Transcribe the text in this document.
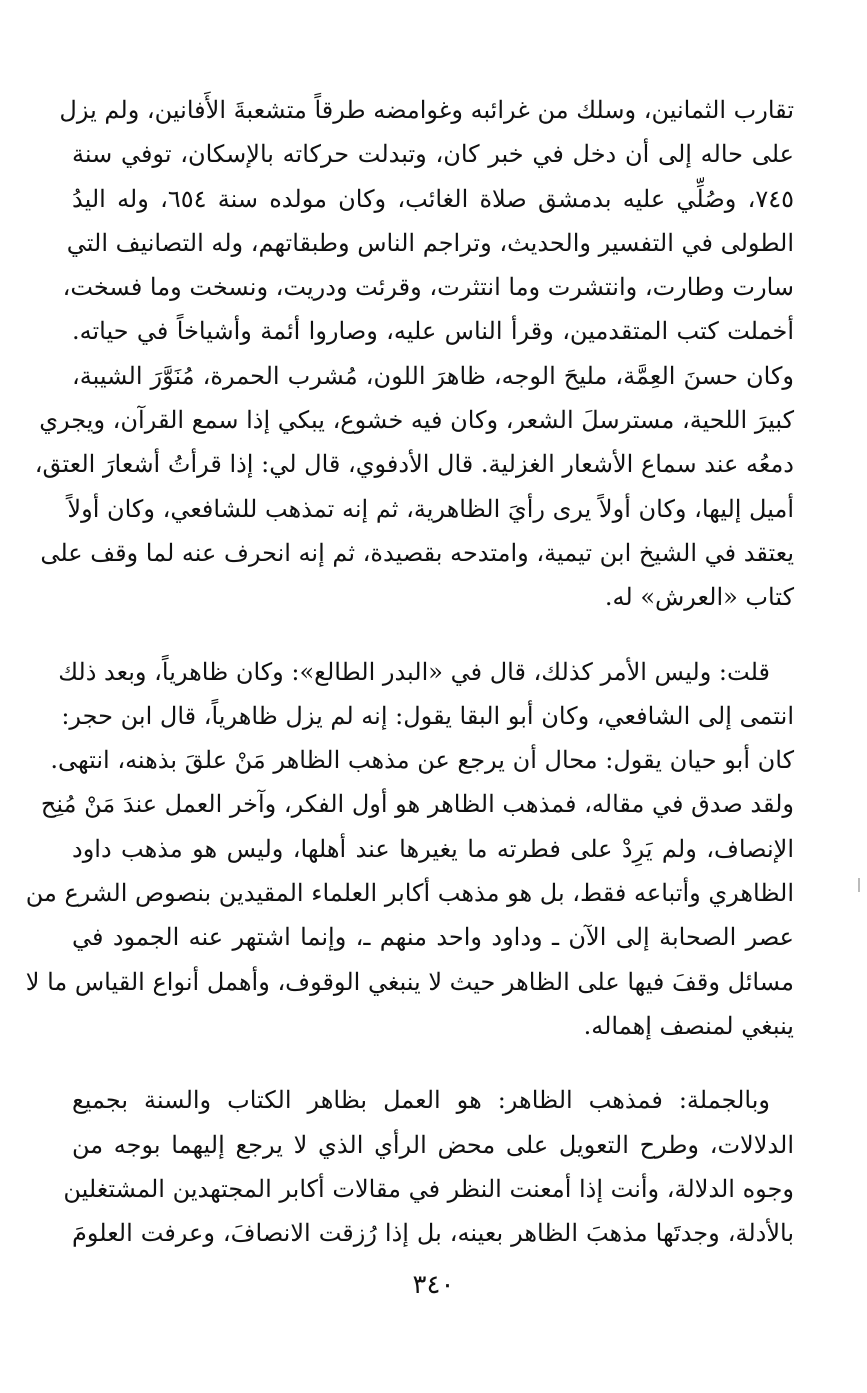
تقارب الثمانين، وسلك من غرائبه وغوامضه طرقاً متشعبةَ الأَفانين، ولم يزل
على حاله إلى أن دخل في خبر كان، وتبدلت حركاته بالإسكان، توفي سنة
٧٤٥، وصُلِّي عليه بدمشق صلاة الغائب، وكان مولده سنة ٦٥٤، وله اليدُ
الطولى في التفسير والحديث، وتراجم الناس وطبقاتهم، وله التصانيف التي
سارت وطارت، وانتشرت وما انتثرت، وقرئت ودريت، ونسخت وما فسخت،
أخملت كتب المتقدمين، وقرأ الناس عليه، وصاروا أئمة وأشياخاً في حياته.
وكان حسنَ العِمَّة، مليحَ الوجه، ظاهرَ اللون، مُشرب الحمرة، مُنَوَّرَ الشيبة،
كبيرَ اللحية، مسترسلَ الشعر، وكان فيه خشوع، يبكي إذا سمع القرآن، ويجري
دمعُه عند سماع الأشعار الغزلية. قال الأدفوي، قال لي: إذا قرأتُ أشعارَ العتق،
أميل إليها، وكان أولاً يرى رأيَ الظاهرية، ثم إنه تمذهب للشافعي، وكان أولاً
يعتقد في الشيخ ابن تيمية، وامتدحه بقصيدة، ثم إنه انحرف عنه لما وقف على
كتاب «العرش» له.
قلت: وليس الأمر كذلك، قال في «البدر الطالع»: وكان ظاهرياً، وبعد ذلك
انتمى إلى الشافعي، وكان أبو البقا يقول: إنه لم يزل ظاهرياً، قال ابن حجر:
كان أبو حيان يقول: محال أن يرجع عن مذهب الظاهر مَنْ علقَ بذهنه، انتهى.
ولقد صدق في مقاله، فمذهب الظاهر هو أول الفكر، وآخر العمل عندَ مَنْ مُنِح
الإنصاف، ولم يَرِدْ على فطرته ما يغيرها عند أهلها، وليس هو مذهب داود
الظاهري وأتباعه فقط، بل هو مذهب أكابر العلماء المقيدين بنصوص الشرع من
عصر الصحابة إلى الآن ـ وداود واحد منهم ـ، وإنما اشتهر عنه الجمود في
مسائل وقفَ فيها على الظاهر حيث لا ينبغي الوقوف، وأهمل أنواع القياس ما لا
ينبغي لمنصف إهماله.
وبالجملة: فمذهب الظاهر: هو العمل بظاهر الكتاب والسنة بجميع
الدلالات، وطرح التعويل على محض الرأي الذي لا يرجع إليهما بوجه من
وجوه الدلالة، وأنت إذا أمعنت النظر في مقالات أكابر المجتهدين المشتغلين
بالأدلة، وجدتَها مذهبَ الظاهر بعينه، بل إذا رُزقت الانصافَ، وعرفت العلومَ
٣٤٠
